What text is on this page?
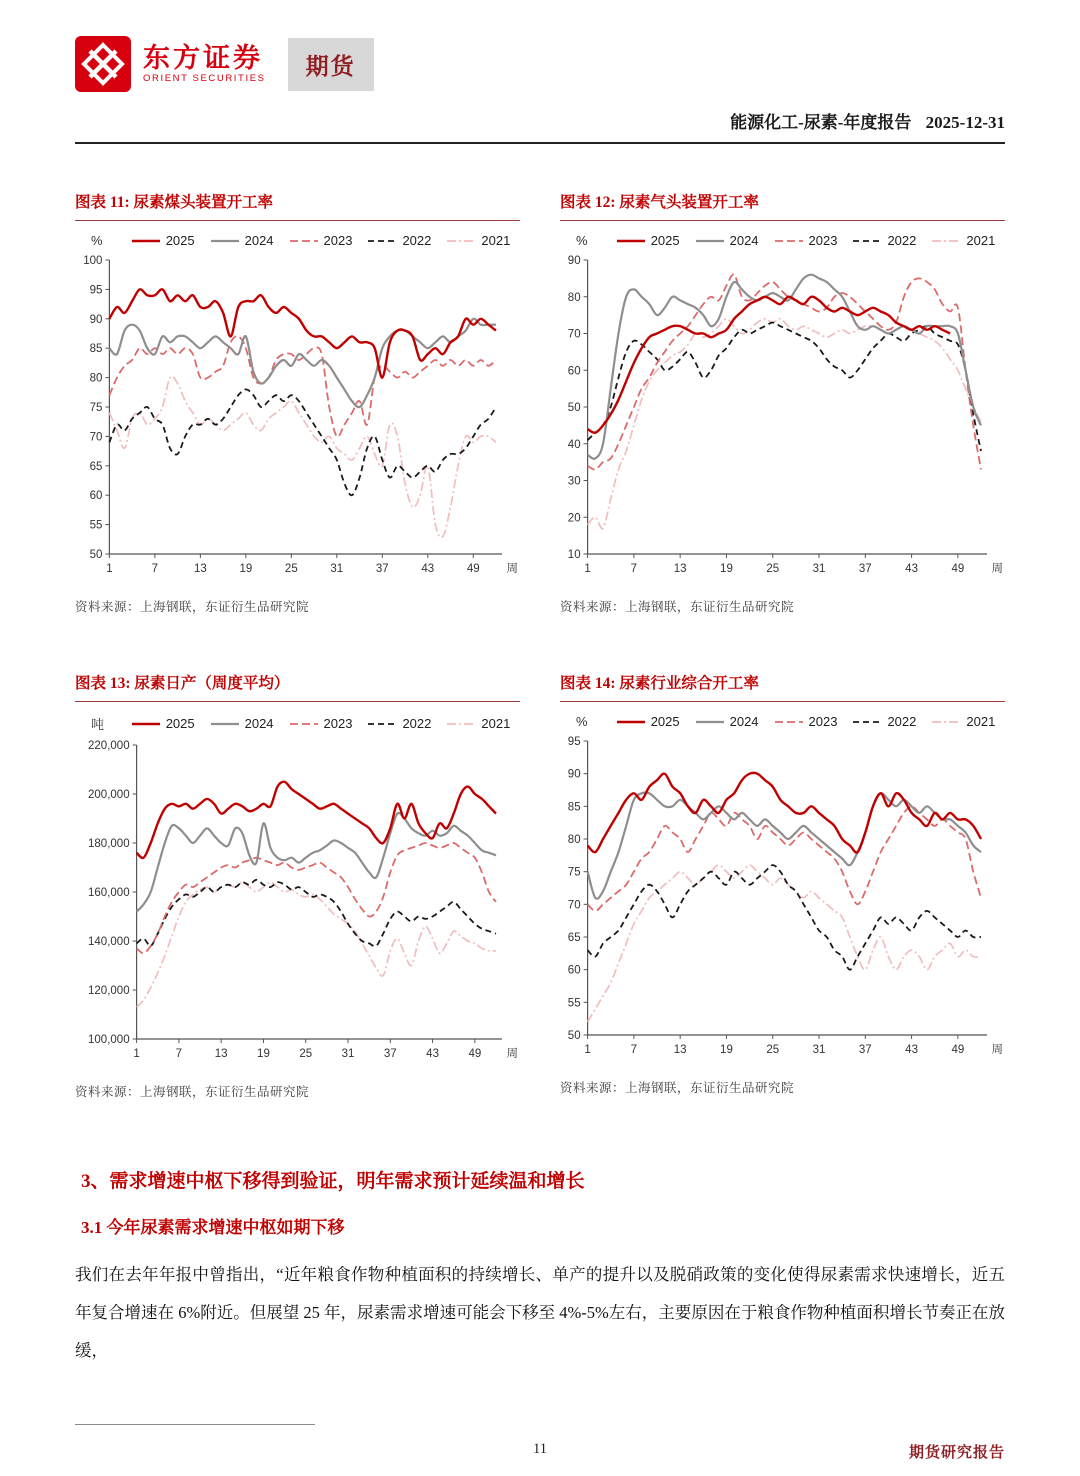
东方证券
ORIENT SECURITIES
期货
能源化工-尿素-年度报告 2025-12-31
图表 11: 尿素煤头装置开工率
%	2025	2024	2023	2022	2021
50
55
60
65
70
75
80
85
90
95
100
1	7	13	19	25	31	37	43	49 周
资料来源：上海钢联，东证衍生品研究院
图表 12: 尿素气头装置开工率
%	2025	2024	2023	2022	2021
10
20
30
40
50
60
70
80
90
1	7	13	19	25	31	37	43	49 周
资料来源：上海钢联，东证衍生品研究院
图表 13: 尿素日产（周度平均）
吨	2025	2024	2023	2022	2021
100,000
120,000
140,000
160,000
180,000
200,000
220,000
1	7	13	19	25	31	37	43	49 周
资料来源：上海钢联，东证衍生品研究院
图表 14: 尿素行业综合开工率
%	2025	2024	2023	2022	2021
50
55
60
65
70
75
80
85
90
95
1	7	13	19	25	31	37	43	49 周
资料来源：上海钢联，东证衍生品研究院
3、需求增速中枢下移得到验证，明年需求预计延续温和增长
3.1 今年尿素需求增速中枢如期下移

我们在去年年报中曾指出，“近年粮食作物种植面积的持续增长、单产的提升以及脱硝政策的变化使得尿素需求快速增长，近五年复合增速在 6%附近。但展望 25 年，尿素需求增速可能会下移至 4%-5%左右，主要原因在于粮食作物种植面积增长节奏正在放缓，

11	期货研究报告
